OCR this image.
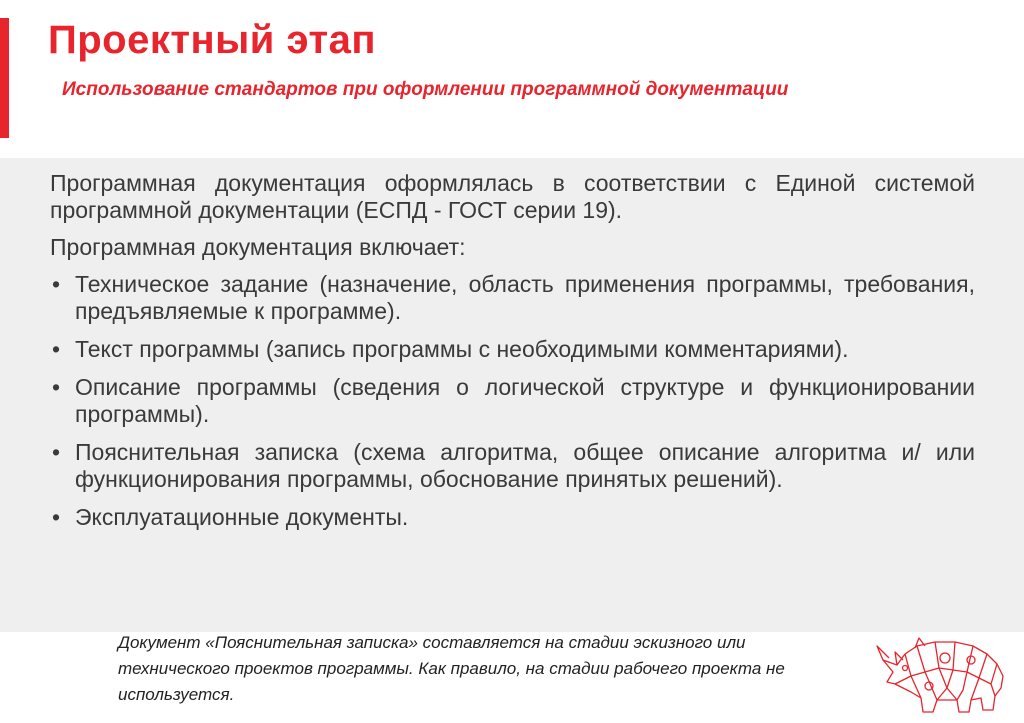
Проектный этап
Использование стандартов при оформлении программной документации

Программная документация оформлялась в соответствии с Единой системой программной документации (ЕСПД - ГОСТ серии 19).

Программная документация включает:

• Техническое задание (назначение, область применения программы, требования, предъявляемые к программе).
• Текст программы (запись программы с необходимыми комментариями).
• Описание программы (сведения о логической структуре и функционировании программы).
• Пояснительная записка (схема алгоритма, общее описание алгоритма и/ или функционирования программы, обоснование принятых решений).
• Эксплуатационные документы.
Документ «Пояснительная записка» составляется на стадии эскизного или технического проектов программы. Как правило, на стадии рабочего проекта не используется.
